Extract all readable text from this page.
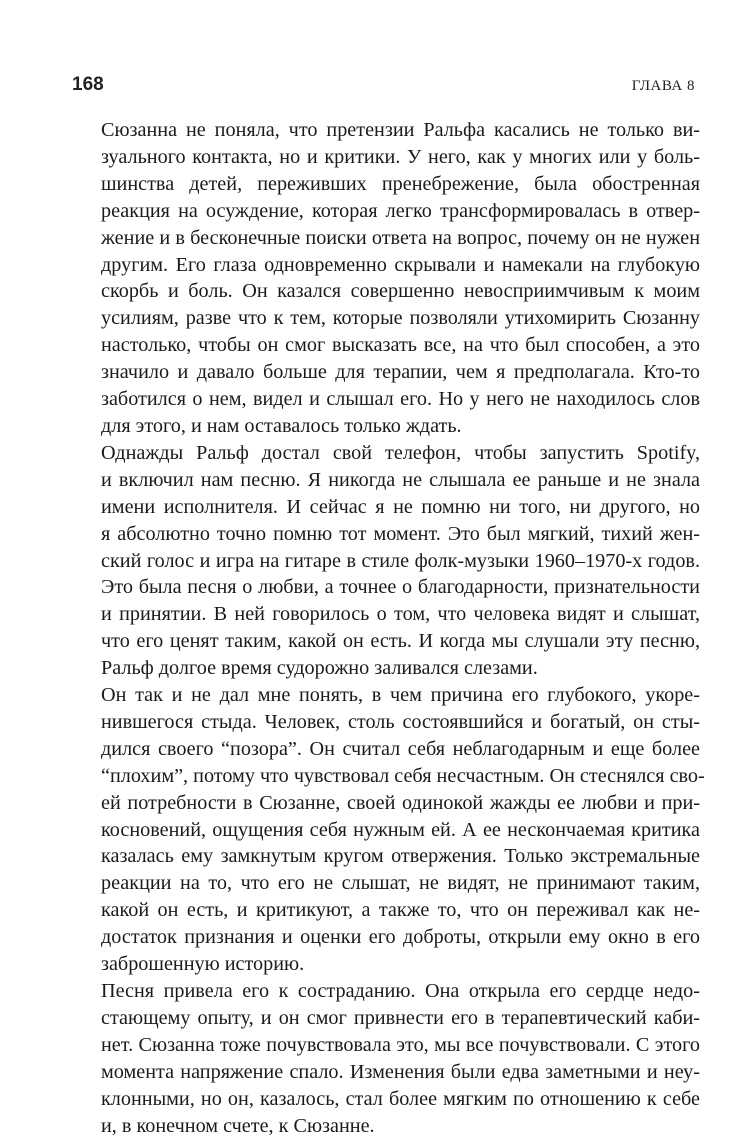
168	ГЛАВА 8

Сюзанна не поняла, что претензии Ральфа касались не только ви-
зуального контакта, но и критики. У него, как у многих или у боль-
шинства детей, переживших пренебрежение, была обостренная
реакция на осуждение, которая легко трансформировалась в отвер-
жение и в бесконечные поиски ответа на вопрос, почему он не нужен
другим. Его глаза одновременно скрывали и намекали на глубокую
скорбь и боль. Он казался совершенно невосприимчивым к моим
усилиям, разве что к тем, которые позволяли утихомирить Сюзанну
настолько, чтобы он смог высказать все, на что был способен, а это
значило и давало больше для терапии, чем я предполагала. Кто-то
заботился о нем, видел и слышал его. Но у него не находилось слов
для этого, и нам оставалось только ждать.

Однажды Ральф достал свой телефон, чтобы запустить Spotify,
и включил нам песню. Я никогда не слышала ее раньше и не знала
имени исполнителя. И сейчас я не помню ни того, ни другого, но
я абсолютно точно помню тот момент. Это был мягкий, тихий жен-
ский голос и игра на гитаре в стиле фолк-музыки 1960–1970-х годов.
Это была песня о любви, а точнее о благодарности, признательности
и принятии. В ней говорилось о том, что человека видят и слышат,
что его ценят таким, какой он есть. И когда мы слушали эту песню,
Ральф долгое время судорожно заливался слезами.

Он так и не дал мне понять, в чем причина его глубокого, укоре-
нившегося стыда. Человек, столь состоявшийся и богатый, он сты-
дился своего “позора”. Он считал себя неблагодарным и еще более
“плохим”, потому что чувствовал себя несчастным. Он стеснялся сво-
ей потребности в Сюзанне, своей одинокой жажды ее любви и при-
косновений, ощущения себя нужным ей. А ее нескончаемая критика
казалась ему замкнутым кругом отвержения. Только экстремальные
реакции на то, что его не слышат, не видят, не принимают таким,
какой он есть, и критикуют, а также то, что он переживал как не-
достаток признания и оценки его доброты, открыли ему окно в его
заброшенную историю.

Песня привела его к состраданию. Она открыла его сердце недо-
стающему опыту, и он смог привнести его в терапевтический каби-
нет. Сюзанна тоже почувствовала это, мы все почувствовали. С этого
момента напряжение спало. Изменения были едва заметными и неу-
клонными, но он, казалось, стал более мягким по отношению к себе
и, в конечном счете, к Сюзанне.
